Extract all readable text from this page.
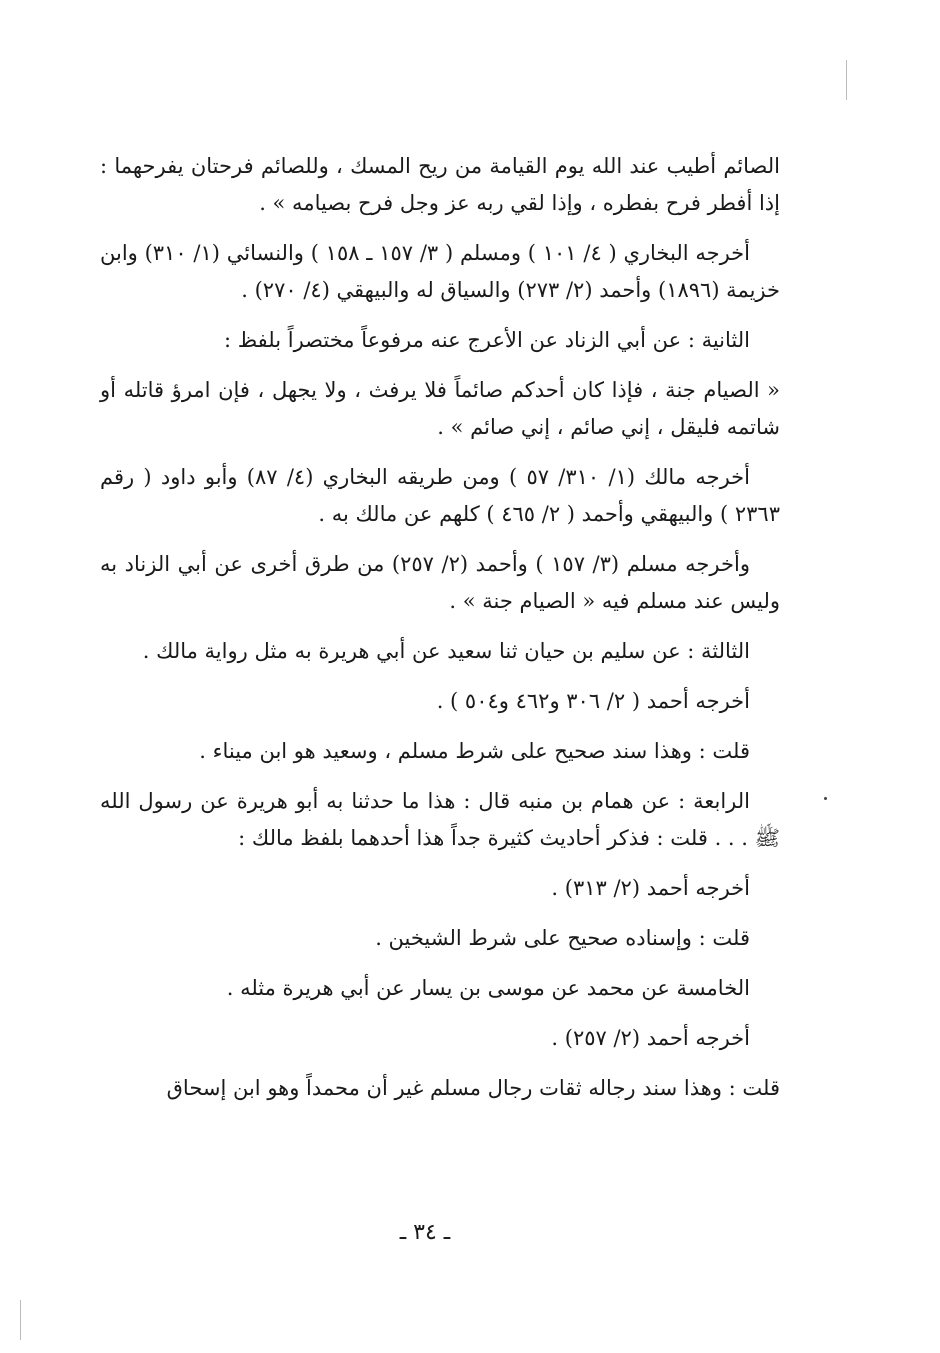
الصائم أطيب عند الله يوم القيامة من ريح المسك ، وللصائم فرحتان يفرحهما : إذا أفطر فرح بفطره ، وإذا لقي ربه عز وجل فرح بصيامه » .

أخرجه البخاري ( ٤/ ١٠١ ) ومسلم ( ٣/ ١٥٧ ـ ١٥٨ ) والنسائي (١/ ٣١٠) وابن خزيمة (١٨٩٦) وأحمد (٢/ ٢٧٣) والسياق له والبيهقي (٤/ ٢٧٠) .

الثانية : عن أبي الزناد عن الأعرج عنه مرفوعاً مختصراً بلفظ :

« الصيام جنة ، فإذا كان أحدكم صائماً فلا يرفث ، ولا يجهل ، فإن امرؤ قاتله أو شاتمه فليقل ، إني صائم ، إني صائم » .

أخرجه مالك (١/ ٣١٠/ ٥٧ ) ومن طريقه البخاري (٤/ ٨٧) وأبو داود ( رقم ٢٣٦٣ ) والبيهقي وأحمد ( ٢/ ٤٦٥ ) كلهم عن مالك به .

وأخرجه مسلم (٣/ ١٥٧ ) وأحمد (٢/ ٢٥٧) من طرق أخرى عن أبي الزناد به وليس عند مسلم فيه « الصيام جنة » .

الثالثة : عن سليم بن حيان ثنا سعيد عن أبي هريرة به مثل رواية مالك .

أخرجه أحمد ( ٢/ ٣٠٦ و٤٦٢ و٥٠٤ ) .

قلت : وهذا سند صحيح على شرط مسلم ، وسعيد هو ابن ميناء .

الرابعة : عن همام بن منبه قال : هذا ما حدثنا به أبو هريرة عن رسول الله ﷺ . . . قلت : فذكر أحاديث كثيرة جداً هذا أحدهما بلفظ مالك :

أخرجه أحمد (٢/ ٣١٣) .

قلت : وإسناده صحيح على شرط الشيخين .

الخامسة عن محمد عن موسى بن يسار عن أبي هريرة مثله .

أخرجه أحمد (٢/ ٢٥٧) .

قلت : وهذا سند رجاله ثقات رجال مسلم غير أن محمداً وهو ابن إسحاق

ـ ٣٤ ـ
